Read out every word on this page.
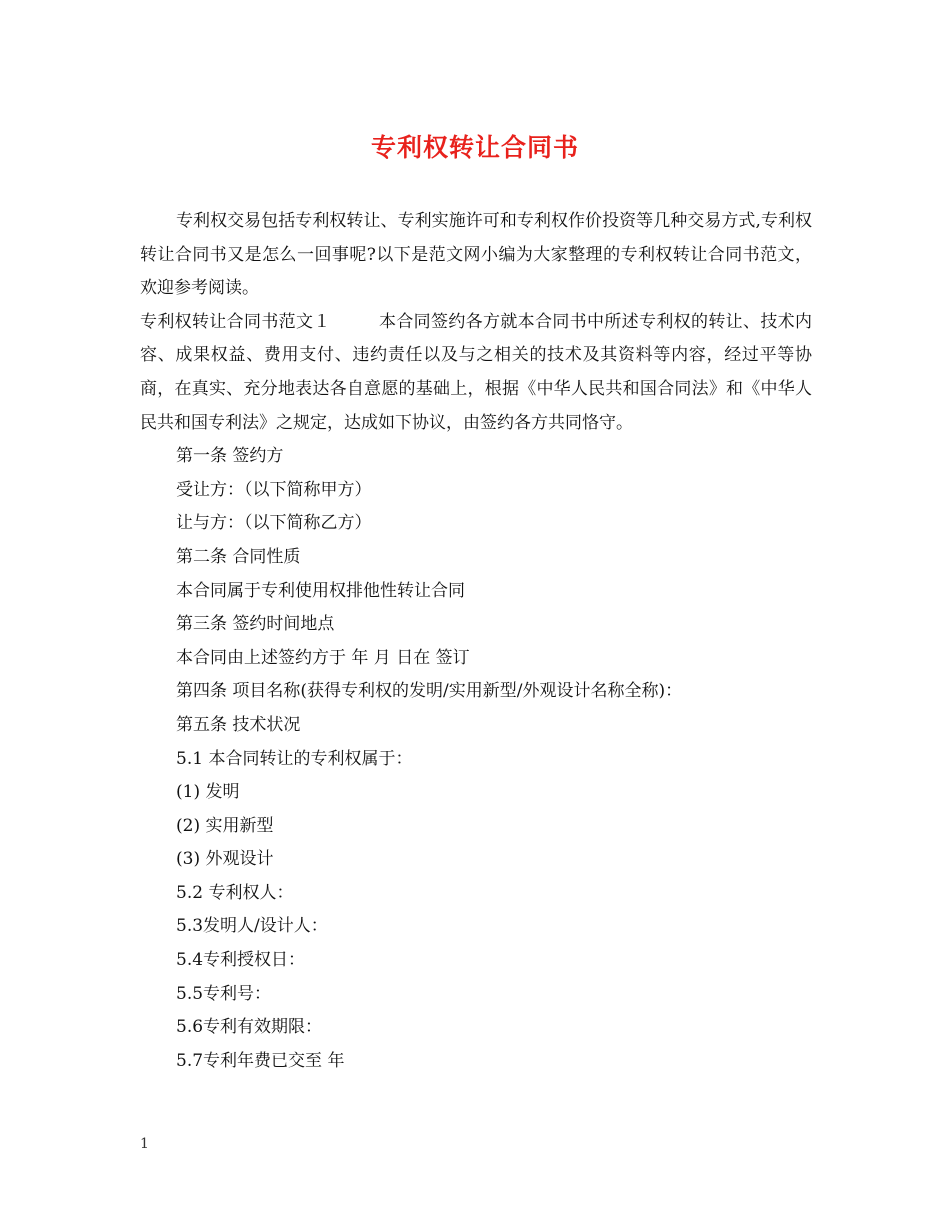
专利权转让合同书

专利权交易包括专利权转让、专利实施许可和专利权作价投资等几种交易方式,专利权转让合同书又是怎么一回事呢?以下是范文网小编为大家整理的专利权转让合同书范文，欢迎参考阅读。

专利权转让合同书范文１	本合同签约各方就本合同书中所述专利权的转让、技术内容、成果权益、费用支付、违约责任以及与之相关的技术及其资料等内容，经过平等协商，在真实、充分地表达各自意愿的基础上，根据《中华人民共和国合同法》和《中华人民共和国专利法》之规定，达成如下协议，由签约各方共同恪守。

第一条 签约方

受让方：（以下简称甲方）

让与方：（以下简称乙方）

第二条 合同性质

本合同属于专利使用权排他性转让合同

第三条 签约时间地点

本合同由上述签约方于 年 月 日在 签订

第四条 项目名称(获得专利权的发明/实用新型/外观设计名称全称)：

第五条 技术状况

5.1 本合同转让的专利权属于：

(1) 发明

(2) 实用新型

(3) 外观设计

5.2 专利权人：

5.3发明人/设计人：

5.4专利授权日：

5.5专利号：

5.6专利有效期限：

5.7专利年费已交至 年

1
